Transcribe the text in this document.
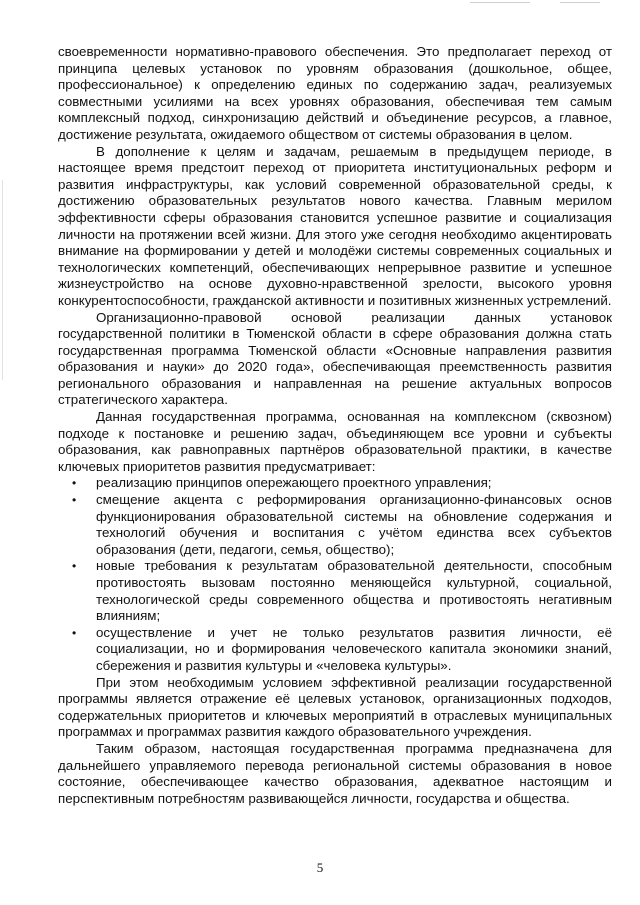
своевременности нормативно-правового обеспечения. Это предполагает переход от принципа целевых установок по уровням образования (дошкольное, общее, профессиональное) к определению единых по содержанию задач, реализуемых совместными усилиями на всех уровнях образования, обеспечивая тем самым комплексный подход, синхронизацию действий и объединение ресурсов, а главное, достижение результата, ожидаемого обществом от системы образования в целом.

В дополнение к целям и задачам, решаемым в предыдущем периоде, в настоящее время предстоит переход от приоритета институциональных реформ и развития инфраструктуры, как условий современной образовательной среды, к достижению образовательных результатов нового качества. Главным мерилом эффективности сферы образования становится успешное развитие и социализация личности на протяжении всей жизни. Для этого уже сегодня необходимо акцентировать внимание на формировании у детей и молодёжи системы современных социальных и технологических компетенций, обеспечивающих непрерывное развитие и успешное жизнеустройство на основе духовно-нравственной зрелости, высокого уровня конкурентоспособности, гражданской активности и позитивных жизненных устремлений.

Организационно-правовой основой реализации данных установок государственной политики в Тюменской области в сфере образования должна стать государственная программа Тюменской области «Основные направления развития образования и науки» до 2020 года», обеспечивающая преемственность развития регионального образования и направленная на решение актуальных вопросов стратегического характера.

Данная государственная программа, основанная на комплексном (сквозном) подходе к постановке и решению задач, объединяющем все уровни и субъекты образования, как равноправных партнёров образовательной практики, в качестве ключевых приоритетов развития предусматривает:

• реализацию принципов опережающего проектного управления;
• смещение акцента с реформирования организационно-финансовых основ функционирования образовательной системы на обновление содержания и технологий обучения и воспитания с учётом единства всех субъектов образования (дети, педагоги, семья, общество);
• новые требования к результатам образовательной деятельности, способным противостоять вызовам постоянно меняющейся культурной, социальной, технологической среды современного общества и противостоять негативным влияниям;
• осуществление и учет не только результатов развития личности, её социализации, но и формирования человеческого капитала экономики знаний, сбережения и развития культуры и «человека культуры».

При этом необходимым условием эффективной реализации государственной программы является отражение её целевых установок, организационных подходов, содержательных приоритетов и ключевых мероприятий в отраслевых муниципальных программах и программах развития каждого образовательного учреждения.

Таким образом, настоящая государственная программа предназначена для дальнейшего управляемого перевода региональной системы образования в новое состояние, обеспечивающее качество образования, адекватное настоящим и перспективным потребностям развивающейся личности, государства и общества.

5
